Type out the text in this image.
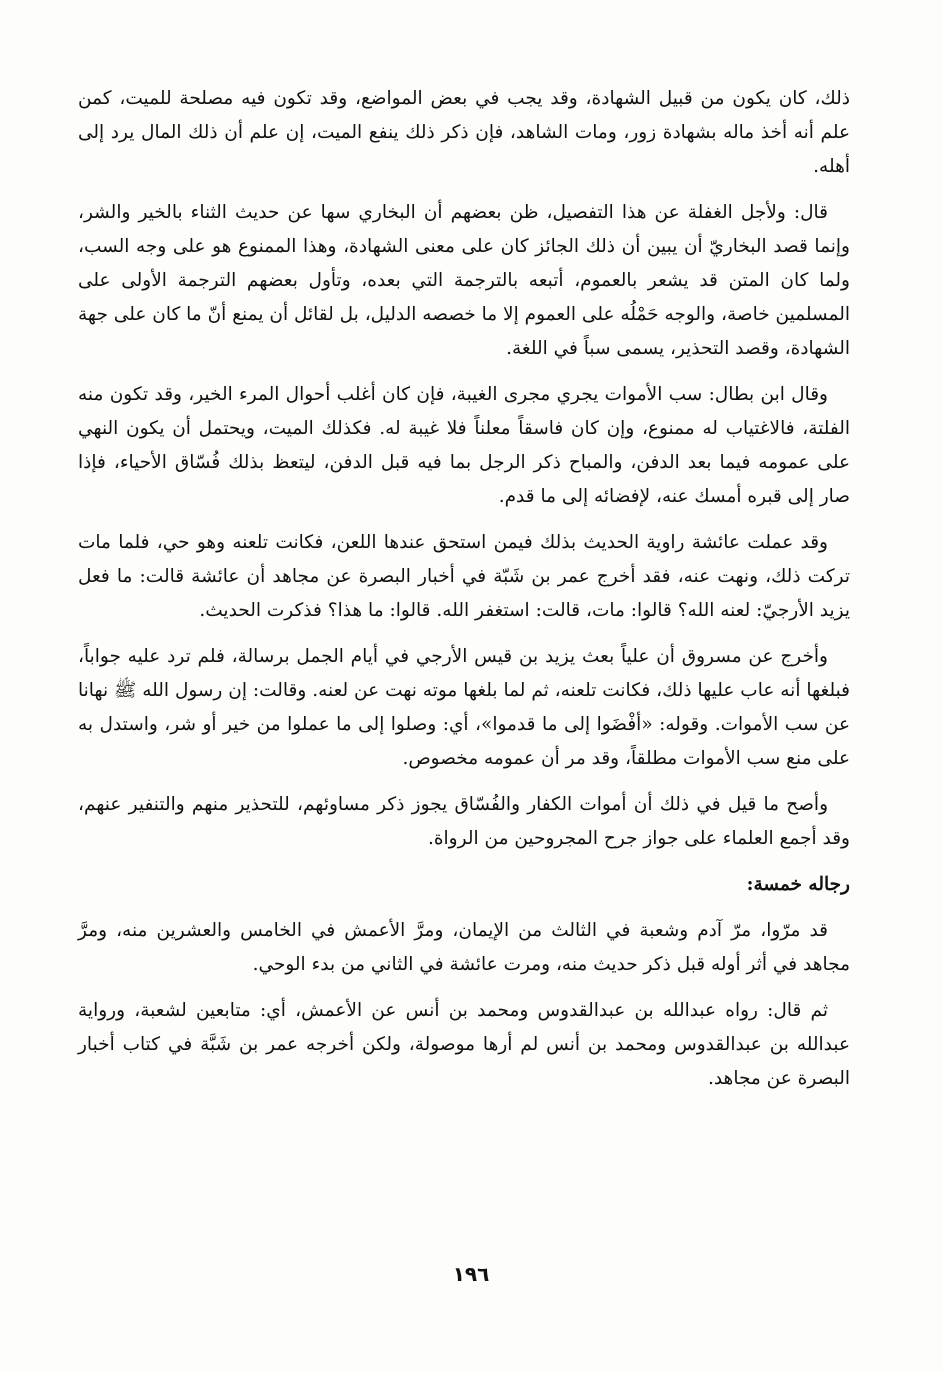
ذلك، كان يكون من قبيل الشهادة، وقد يجب في بعض المواضع، وقد تكون فيه مصلحة للميت، كمن علم أنه أخذ ماله بشهادة زور، ومات الشاهد، فإن ذكر ذلك ينفع الميت، إن علم أن ذلك المال يرد إلى أهله.

قال: ولأجل الغفلة عن هذا التفصيل، ظن بعضهم أن البخاري سها عن حديث الثناء بالخير والشر، وإنما قصد البخاريّ أن يبين أن ذلك الجائز كان على معنى الشهادة، وهذا الممنوع هو على وجه السب، ولما كان المتن قد يشعر بالعموم، أتبعه بالترجمة التي بعده، وتأول بعضهم الترجمة الأولى على المسلمين خاصة، والوجه حَمْلُه على العموم إلا ما خصصه الدليل، بل لقائل أن يمنع أنّ ما كان على جهة الشهادة، وقصد التحذير، يسمى سباً في اللغة.

وقال ابن بطال: سب الأموات يجري مجرى الغيبة، فإن كان أغلب أحوال المرء الخير، وقد تكون منه الفلتة، فالاغتياب له ممنوع، وإن كان فاسقاً معلناً فلا غيبة له. فكذلك الميت، ويحتمل أن يكون النهي على عمومه فيما بعد الدفن، والمباح ذكر الرجل بما فيه قبل الدفن، ليتعظ بذلك فُسّاق الأحياء، فإذا صار إلى قبره أمسك عنه، لإفضائه إلى ما قدم.

وقد عملت عائشة راوية الحديث بذلك فيمن استحق عندها اللعن، فكانت تلعنه وهو حي، فلما مات تركت ذلك، ونهت عنه، فقد أخرج عمر بن شَبّة في أخبار البصرة عن مجاهد أن عائشة قالت: ما فعل يزيد الأرجيّ: لعنه الله؟ قالوا: مات، قالت: استغفر الله. قالوا: ما هذا؟ فذكرت الحديث.

وأخرج عن مسروق أن علياً بعث يزيد بن قيس الأرجي في أيام الجمل برسالة، فلم ترد عليه جواباً، فبلغها أنه عاب عليها ذلك، فكانت تلعنه، ثم لما بلغها موته نهت عن لعنه. وقالت: إن رسول الله ﷺ نهانا عن سب الأموات. وقوله: «أفْضَوا إلى ما قدموا»، أي: وصلوا إلى ما عملوا من خير أو شر، واستدل به على منع سب الأموات مطلقاً، وقد مر أن عمومه مخصوص.

وأصح ما قيل في ذلك أن أموات الكفار والفُسّاق يجوز ذكر مساوئهم، للتحذير منهم والتنفير عنهم، وقد أجمع العلماء على جواز جرح المجروحين من الرواة.

رجاله خمسة:

قد مرّوا، مرّ آدم وشعبة في الثالث من الإيمان، ومرَّ الأعمش في الخامس والعشرين منه، ومرَّ مجاهد في أثر أوله قبل ذكر حديث منه، ومرت عائشة في الثاني من بدء الوحي.

ثم قال: رواه عبدالله بن عبدالقدوس ومحمد بن أنس عن الأعمش، أي: متابعين لشعبة، ورواية عبدالله بن عبدالقدوس ومحمد بن أنس لم أرها موصولة، ولكن أخرجه عمر بن شَبَّة في كتاب أخبار البصرة عن مجاهد.

١٩٦
